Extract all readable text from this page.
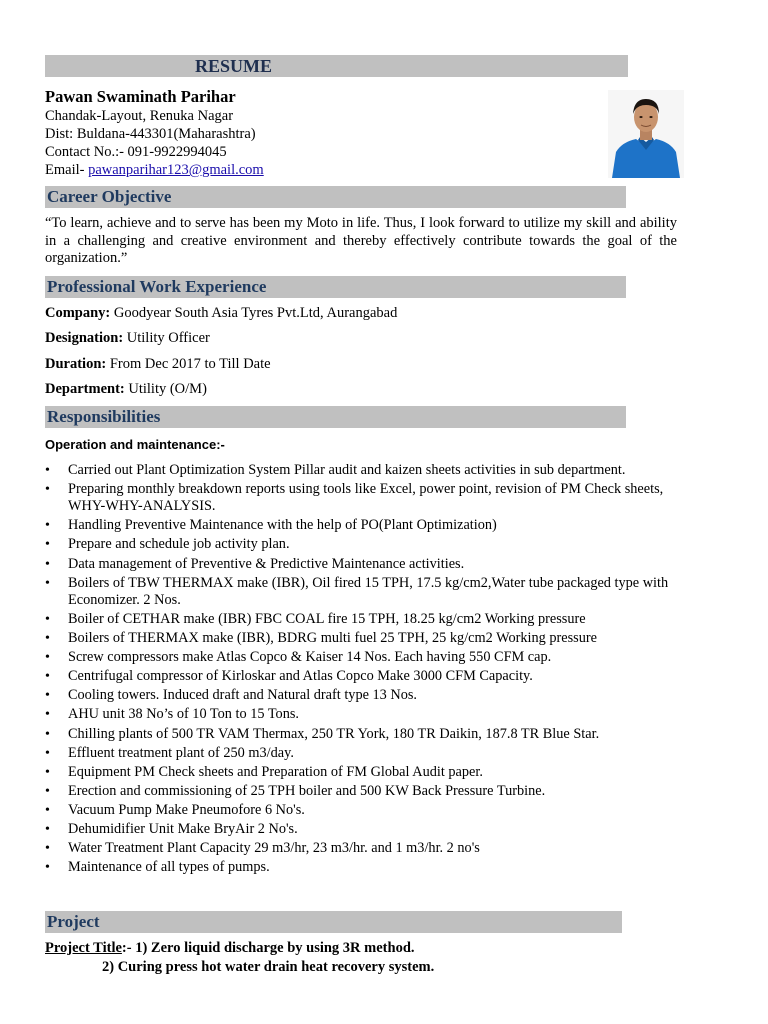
RESUME
Pawan Swaminath Parihar
Chandak-Layout, Renuka Nagar
Dist: Buldana-443301(Maharashtra)
Contact No.:- 091-9922994045
Email- pawanparihar123@gmail.com
Career Objective
“To learn, achieve and to serve has been my Moto in life. Thus, I look forward to utilize my skill and ability in a challenging and creative environment and thereby effectively contribute towards the goal of the organization.”
Professional Work Experience
Company: Goodyear South Asia Tyres Pvt.Ltd, Aurangabad
Designation: Utility Officer
Duration: From Dec 2017 to Till Date
Department: Utility (O/M)
Responsibilities
Operation and maintenance:-
• Carried out Plant Optimization System Pillar audit and kaizen sheets activities in sub department.
• Preparing monthly breakdown reports using tools like Excel, power point, revision of PM Check sheets, WHY-WHY-ANALYSIS.
• Handling Preventive Maintenance with the help of PO(Plant Optimization)
• Prepare and schedule job activity plan.
• Data management of Preventive & Predictive Maintenance activities.
• Boilers of TBW THERMAX make (IBR), Oil fired 15 TPH, 17.5 kg/cm2,Water tube packaged type with Economizer. 2 Nos.
• Boiler of CETHAR make (IBR) FBC COAL fire 15 TPH, 18.25 kg/cm2 Working pressure
• Boilers of THERMAX make (IBR), BDRG multi fuel 25 TPH, 25 kg/cm2 Working pressure
• Screw compressors make Atlas Copco & Kaiser 14 Nos. Each having 550 CFM cap.
• Centrifugal compressor of Kirloskar and Atlas Copco Make 3000 CFM Capacity.
• Cooling towers. Induced draft and Natural draft type 13 Nos.
• AHU unit 38 No’s of 10 Ton to 15 Tons.
• Chilling plants of 500 TR VAM Thermax, 250 TR York, 180 TR Daikin, 187.8 TR Blue Star.
• Effluent treatment plant of 250 m3/day.
• Equipment PM Check sheets and Preparation of FM Global Audit paper.
• Erection and commissioning of 25 TPH boiler and 500 KW Back Pressure Turbine.
• Vacuum Pump Make Pneumofore 6 No's.
• Dehumidifier Unit Make BryAir 2 No's.
• Water Treatment Plant Capacity 29 m3/hr, 23 m3/hr. and 1 m3/hr. 2 no's
• Maintenance of all types of pumps.
Project
Project Title:- 1) Zero liquid discharge by using 3R method.
2) Curing press hot water drain heat recovery system.
